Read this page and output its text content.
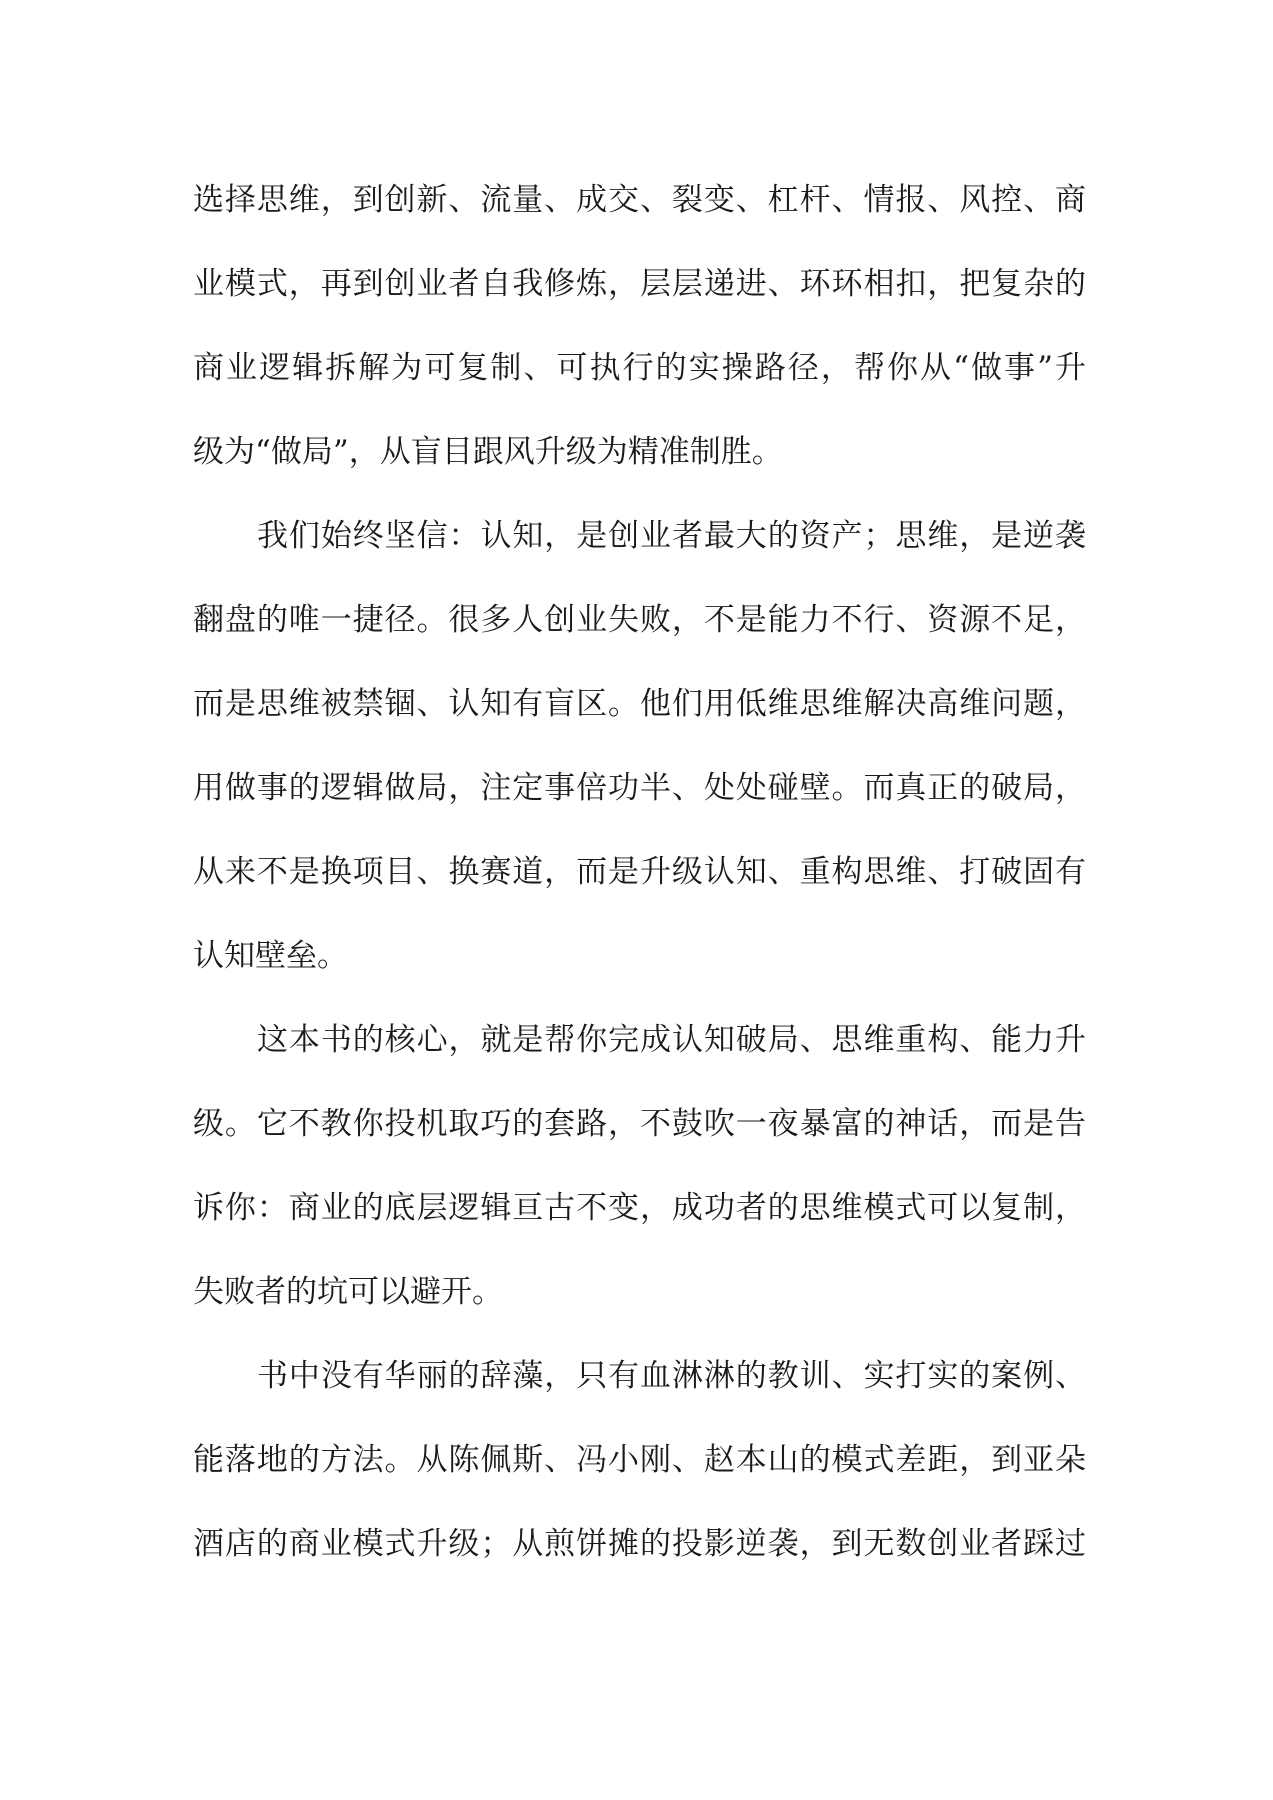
选择思维，到创新、流量、成交、裂变、杠杆、情报、风控、商
业模式，再到创业者自我修炼，层层递进、环环相扣，把复杂的
商业逻辑拆解为可复制、可执行的实操路径，帮你从“做事”升
级为“做局”，从盲目跟风升级为精准制胜。
我们始终坚信：认知，是创业者最大的资产；思维，是逆袭
翻盘的唯一捷径。很多人创业失败，不是能力不行、资源不足，
而是思维被禁锢、认知有盲区。他们用低维思维解决高维问题，
用做事的逻辑做局，注定事倍功半、处处碰壁。而真正的破局，
从来不是换项目、换赛道，而是升级认知、重构思维、打破固有
认知壁垒。
这本书的核心，就是帮你完成认知破局、思维重构、能力升
级。它不教你投机取巧的套路，不鼓吹一夜暴富的神话，而是告
诉你：商业的底层逻辑亘古不变，成功者的思维模式可以复制，
失败者的坑可以避开。
书中没有华丽的辞藻，只有血淋淋的教训、实打实的案例、
能落地的方法。从陈佩斯、冯小刚、赵本山的模式差距，到亚朵
酒店的商业模式升级；从煎饼摊的投影逆袭，到无数创业者踩过
